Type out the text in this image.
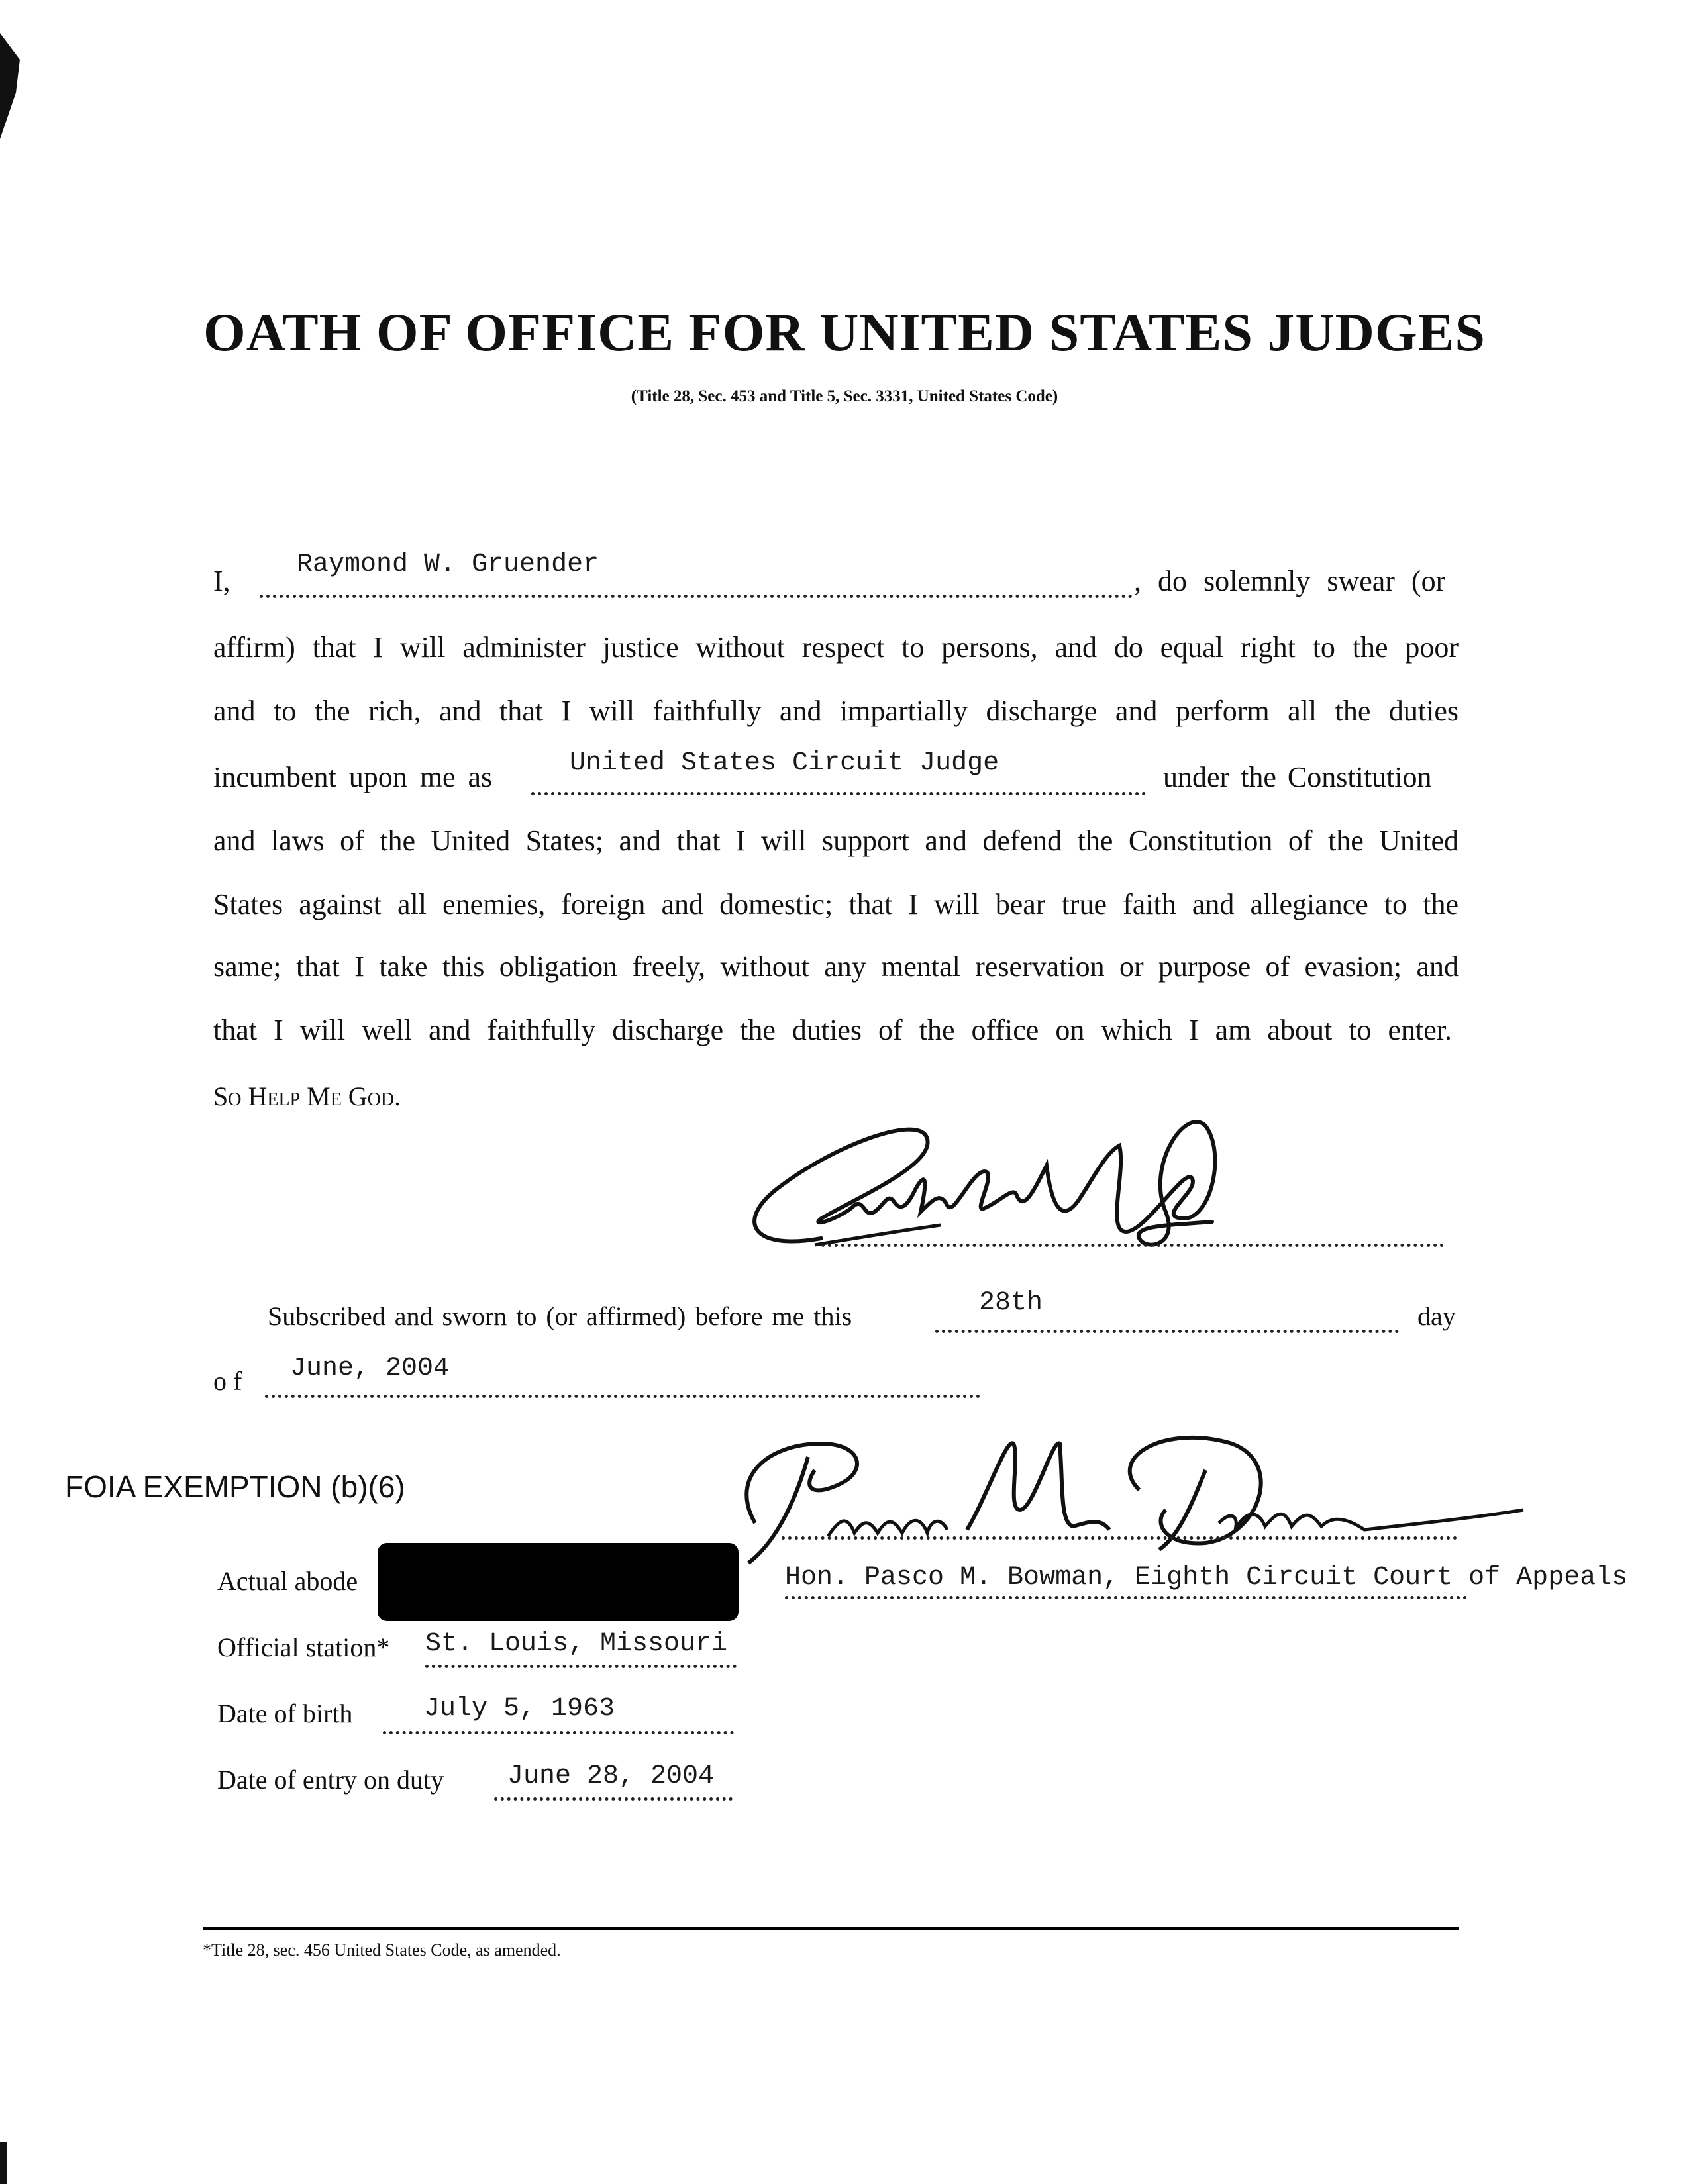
OATH OF OFFICE FOR UNITED STATES JUDGES
(Title 28, Sec. 453 and Title 5, Sec. 3331, United States Code)
I,
Raymond W. Gruender
, do solemnly swear (or
affirm) that I will administer justice without respect to persons, and do equal right to the poor
and to the rich, and that I will faithfully and impartially discharge and perform all the duties
incumbent upon me as	United States Circuit Judge	under the Constitution
and laws of the United States; and that I will support and defend the Constitution of the United
States against all enemies, foreign and domestic; that I will bear true faith and allegiance to the
same; that I take this obligation freely, without any mental reservation or purpose of evasion; and
that I will well and faithfully discharge the duties of the office on which I am about to enter.
So Help Me God.
Subscribed and sworn to (or affirmed) before me this	28th	day
of June, 2004
FOIA EXEMPTION (b)(6)
Hon. Pasco M. Bowman, Eighth Circuit Court of Appeals
Actual abode
Official station* St. Louis, Missouri
Date of birth	July 5, 1963
Date of entry on duty June 28, 2004
*Title 28, sec. 456 United States Code, as amended.
